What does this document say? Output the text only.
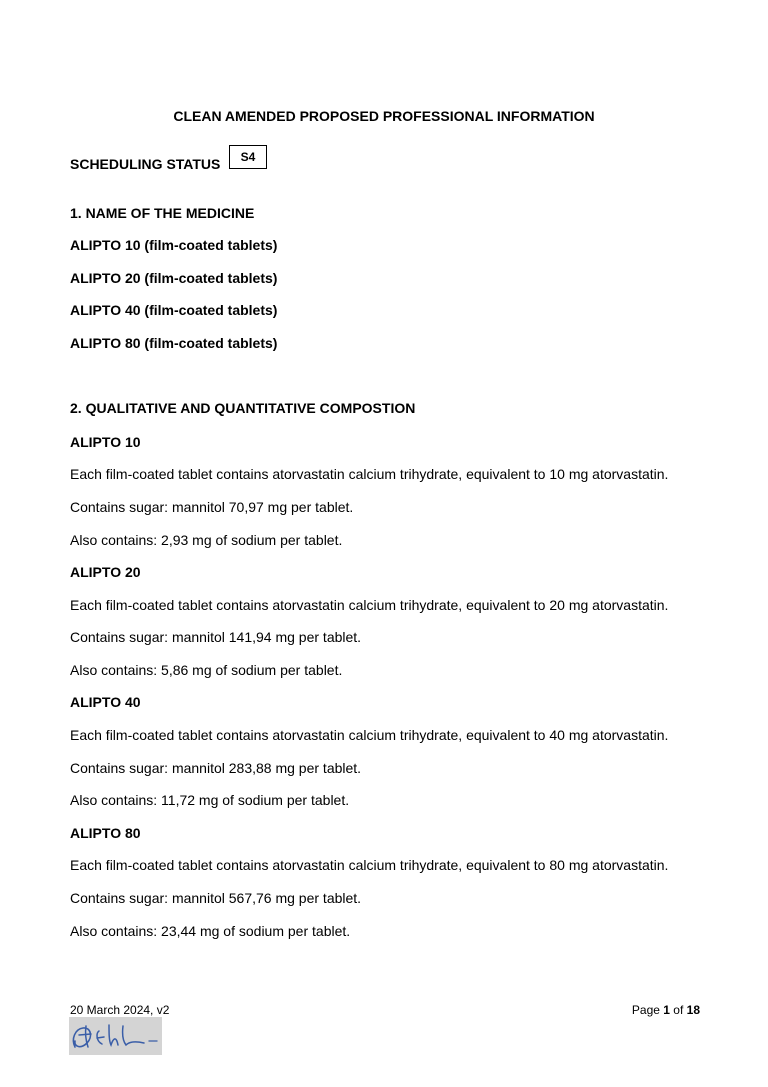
CLEAN AMENDED PROPOSED PROFESSIONAL INFORMATION
SCHEDULING STATUS	S4
1. NAME OF THE MEDICINE
ALIPTO 10 (film-coated tablets)
ALIPTO 20 (film-coated tablets)
ALIPTO 40 (film-coated tablets)
ALIPTO 80 (film-coated tablets)
2. QUALITATIVE AND QUANTITATIVE COMPOSTION
ALIPTO 10
Each film-coated tablet contains atorvastatin calcium trihydrate, equivalent to 10 mg atorvastatin.
Contains sugar: mannitol 70,97 mg per tablet.
Also contains: 2,93 mg of sodium per tablet.
ALIPTO 20
Each film-coated tablet contains atorvastatin calcium trihydrate, equivalent to 20 mg atorvastatin.
Contains sugar: mannitol 141,94 mg per tablet.
Also contains: 5,86 mg of sodium per tablet.
ALIPTO 40
Each film-coated tablet contains atorvastatin calcium trihydrate, equivalent to 40 mg atorvastatin.
Contains sugar: mannitol 283,88 mg per tablet.
Also contains: 11,72 mg of sodium per tablet.
ALIPTO 80
Each film-coated tablet contains atorvastatin calcium trihydrate, equivalent to 80 mg atorvastatin.
Contains sugar: mannitol 567,76 mg per tablet.
Also contains: 23,44 mg of sodium per tablet.
20 March 2024, v2	Page 1 of 18
